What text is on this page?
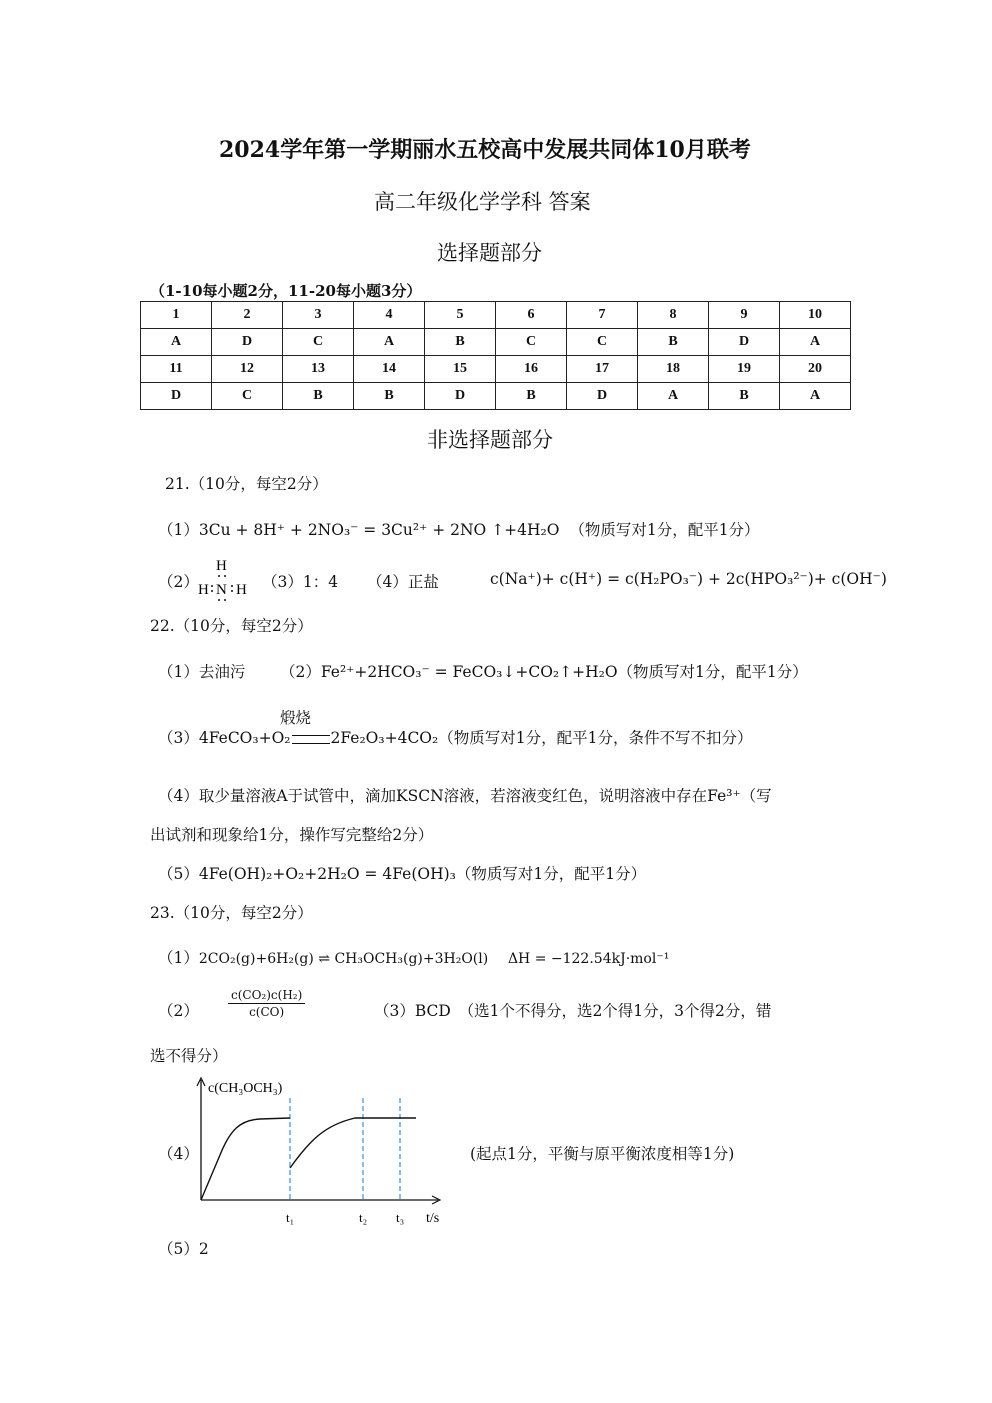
2024学年第一学期丽水五校高中发展共同体10月联考
高二年级化学学科 答案
选择题部分
（1-10每小题2分，11-20每小题3分）
1	2	3	4	5	6	7	8	9	10
A	D	C	A	B	C	C	B	D	A
11	12	13	14	15	16	17	18	19	20
D	C	B	B	D	B	D	A	B	A
非选择题部分
21.（10分，每空2分）
（1）3Cu + 8H⁺ + 2NO₃⁻ = 3Cu²⁺ + 2NO ↑+4H₂O （物质写对1分，配平1分）
（2）
H
H N H （3）1：4 （4）正盐	c(Na⁺)+ c(H⁺) = c(H₂PO₃⁻) + 2c(HPO₃²⁻)+ c(OH⁻)
22.（10分，每空2分）
（1）去油污 （2）Fe²⁺+2HCO₃⁻ = FeCO₃↓+CO₂↑+H₂O（物质写对1分，配平1分）
煅烧
（3）4FeCO₃+O₂	2Fe₂O₃+4CO₂（物质写对1分，配平1分，条件不写不扣分）
（4）取少量溶液A于试管中，滴加KSCN溶液，若溶液变红色，说明溶液中存在Fe³⁺（写
出试剂和现象给1分，操作写完整给2分）
（5）4Fe(OH)₂+O₂+2H₂O = 4Fe(OH)₃（物质写对1分，配平1分）
23.（10分，每空2分）
（1）2CO₂(g)+6H₂(g) ⇌ CH₃OCH₃(g)+3H₂O(l) ΔH = −122.54kJ·mol⁻¹
$(2) \frac{\text{c(CO₂)c(H₂)}}{c(CO)}$	（3）BCD　（选1个不得分，选2个得1分，3个得2分，错
选不得分）
（4）
c(CH₃OCH₃)
t/s
t₁	t₂ t₃
(起点1分，平衡与原平衡浓度相等1分)
（5）2
